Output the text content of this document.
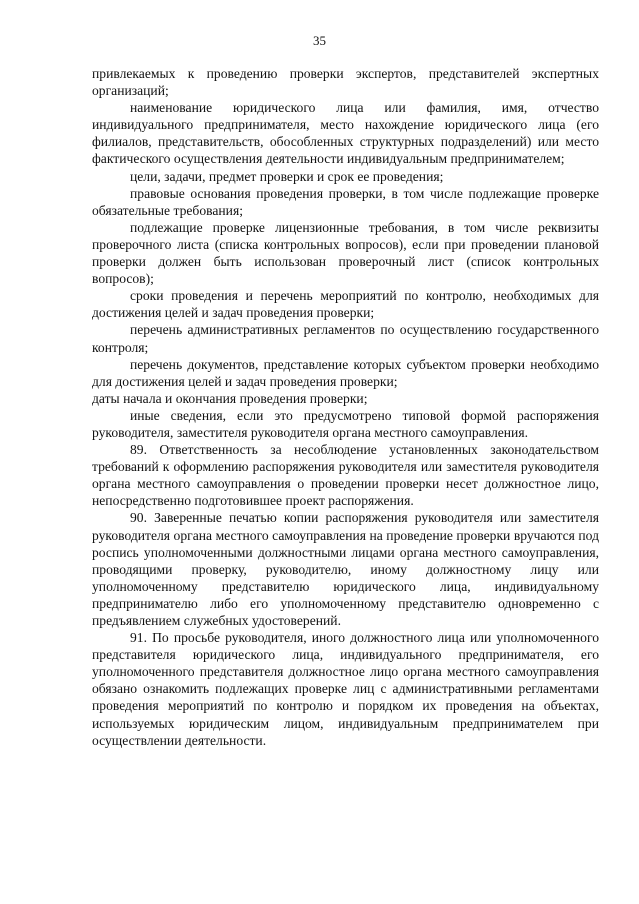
35

привлекаемых к проведению проверки экспертов, представителей экспертных организаций;

наименование юридического лица или фамилия, имя, отчество индивидуального предпринимателя, место нахождение юридического лица (его филиалов, представительств, обособленных структурных подразделений) или место фактического осуществления деятельности индивидуальным предпринимателем;

цели, задачи, предмет проверки и срок ее проведения;

правовые основания проведения проверки, в том числе подлежащие проверке обязательные требования;

подлежащие проверке лицензионные требования, в том числе реквизиты проверочного листа (списка контрольных вопросов), если при проведении плановой проверки должен быть использован проверочный лист (список контрольных вопросов);

сроки проведения и перечень мероприятий по контролю, необходимых для достижения целей и задач проведения проверки;

перечень административных регламентов по осуществлению государственного контроля;

перечень документов, представление которых субъектом проверки необходимо для достижения целей и задач проведения проверки;

даты начала и окончания проведения проверки;

иные сведения, если это предусмотрено типовой формой распоряжения руководителя, заместителя руководителя органа местного самоуправления.

89. Ответственность за несоблюдение установленных законодательством требований к оформлению распоряжения руководителя или заместителя руководителя органа местного самоуправления о проведении проверки несет должностное лицо, непосредственно подготовившее проект распоряжения.

90. Заверенные печатью копии распоряжения руководителя или заместителя руководителя органа местного самоуправления на проведение проверки вручаются под роспись уполномоченными должностными лицами органа местного самоуправления, проводящими проверку, руководителю, иному должностному лицу или уполномоченному представителю юридического лица, индивидуальному предпринимателю либо его уполномоченному представителю одновременно с предъявлением служебных удостоверений.

91. По просьбе руководителя, иного должностного лица или уполномоченного представителя юридического лица, индивидуального предпринимателя, его уполномоченного представителя должностное лицо органа местного самоуправления обязано ознакомить подлежащих проверке лиц с административными регламентами проведения мероприятий по контролю и порядком их проведения на объектах, используемых юридическим лицом, индивидуальным предпринимателем при осуществлении деятельности.
